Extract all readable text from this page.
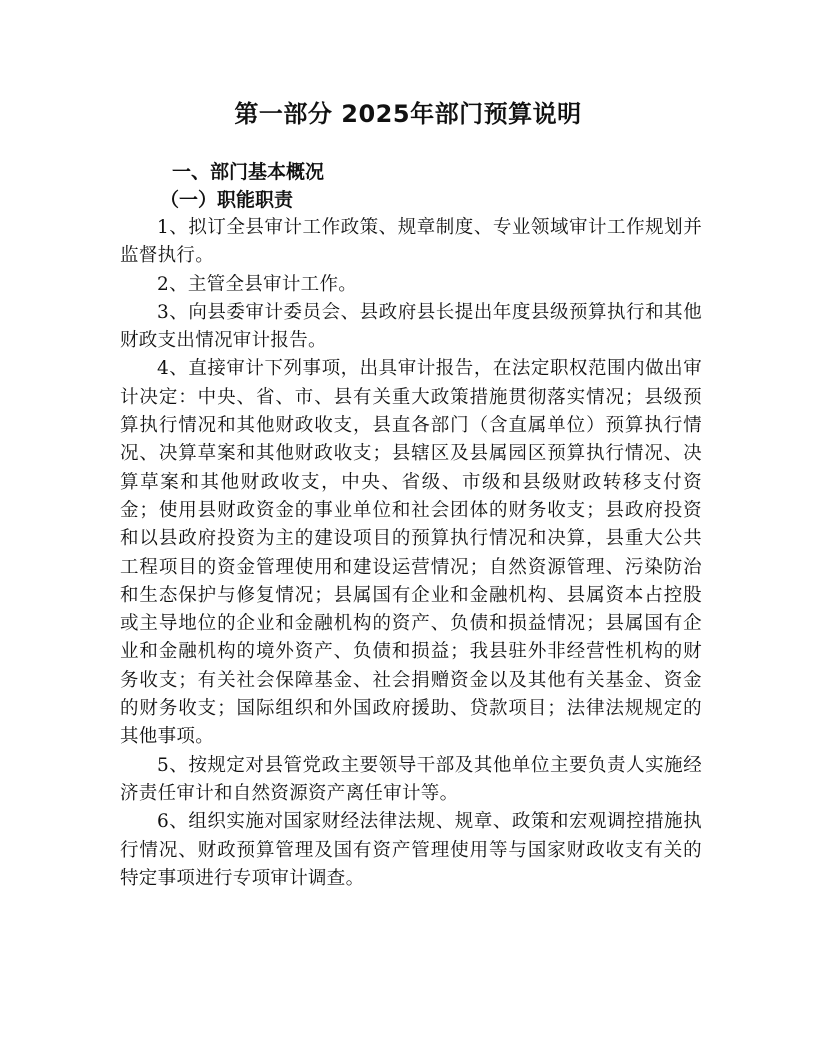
第一部分 2025年部门预算说明
一、部门基本概况
（一）职能职责

1、拟订全县审计工作政策、规章制度、专业领域审计工作规划并监督执行。

2、主管全县审计工作。

3、向县委审计委员会、县政府县长提出年度县级预算执行和其他财政支出情况审计报告。

4、直接审计下列事项，出具审计报告，在法定职权范围内做出审计决定：中央、省、市、县有关重大政策措施贯彻落实情况；县级预算执行情况和其他财政收支，县直各部门（含直属单位）预算执行情况、决算草案和其他财政收支；县辖区及县属园区预算执行情况、决算草案和其他财政收支，中央、省级、市级和县级财政转移支付资金；使用县财政资金的事业单位和社会团体的财务收支；县政府投资和以县政府投资为主的建设项目的预算执行情况和决算，县重大公共工程项目的资金管理使用和建设运营情况；自然资源管理、污染防治和生态保护与修复情况；县属国有企业和金融机构、县属资本占控股或主导地位的企业和金融机构的资产、负债和损益情况；县属国有企业和金融机构的境外资产、负债和损益；我县驻外非经营性机构的财务收支；有关社会保障基金、社会捐赠资金以及其他有关基金、资金的财务收支；国际组织和外国政府援助、贷款项目；法律法规规定的其他事项。

5、按规定对县管党政主要领导干部及其他单位主要负责人实施经济责任审计和自然资源资产离任审计等。

6、组织实施对国家财经法律法规、规章、政策和宏观调控措施执行情况、财政预算管理及国有资产管理使用等与国家财政收支有关的特定事项进行专项审计调查。
